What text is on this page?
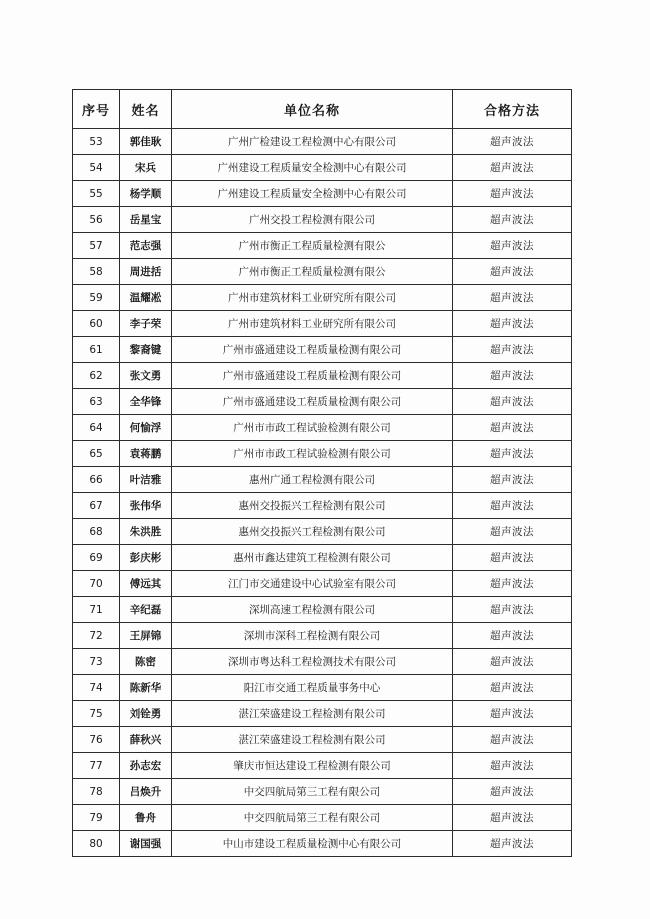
序号	姓名	单位名称	合格方法
53	郭佳耿	广州广检建设工程检测中心有限公司	超声波法
54	宋兵	广州建设工程质量安全检测中心有限公司	超声波法
55	杨学顺	广州建设工程质量安全检测中心有限公司	超声波法
56	岳星宝	广州交投工程检测有限公司	超声波法
57	范志强	广州市衡正工程质量检测有限公	超声波法
58	周进括	广州市衡正工程质量检测有限公	超声波法
59	温耀凇	广州市建筑材料工业研究所有限公司	超声波法
60	李子荣	广州市建筑材料工业研究所有限公司	超声波法
61	黎裔键	广州市盛通建设工程质量检测有限公司	超声波法
62	张文勇	广州市盛通建设工程质量检测有限公司	超声波法
63	全华锋	广州市盛通建设工程质量检测有限公司	超声波法
64	何愉浮	广州市市政工程试验检测有限公司	超声波法
65	袁蒋鹏	广州市市政工程试验检测有限公司	超声波法
66	叶洁雅	惠州广通工程检测有限公司	超声波法
67	张伟华	惠州交投振兴工程检测有限公司	超声波法
68	朱洪胜	惠州交投振兴工程检测有限公司	超声波法
69	彭庆彬	惠州市鑫达建筑工程检测有限公司	超声波法
70	傅远其	江门市交通建设中心试验室有限公司	超声波法
71	辛纪磊	深圳高速工程检测有限公司	超声波法
72	王屏锦	深圳市深科工程检测有限公司	超声波法
73	陈密	深圳市粤达科工程检测技术有限公司	超声波法
74	陈新华	阳江市交通工程质量事务中心	超声波法
75	刘铨勇	湛江荣盛建设工程检测有限公司	超声波法
76	薛秋兴	湛江荣盛建设工程检测有限公司	超声波法
77	孙志宏	肇庆市恒达建设工程检测有限公司	超声波法
78	吕焕升	中交四航局第三工程有限公司	超声波法
79	鲁舟	中交四航局第三工程有限公司	超声波法
80	谢国强	中山市建设工程质量检测中心有限公司	超声波法
